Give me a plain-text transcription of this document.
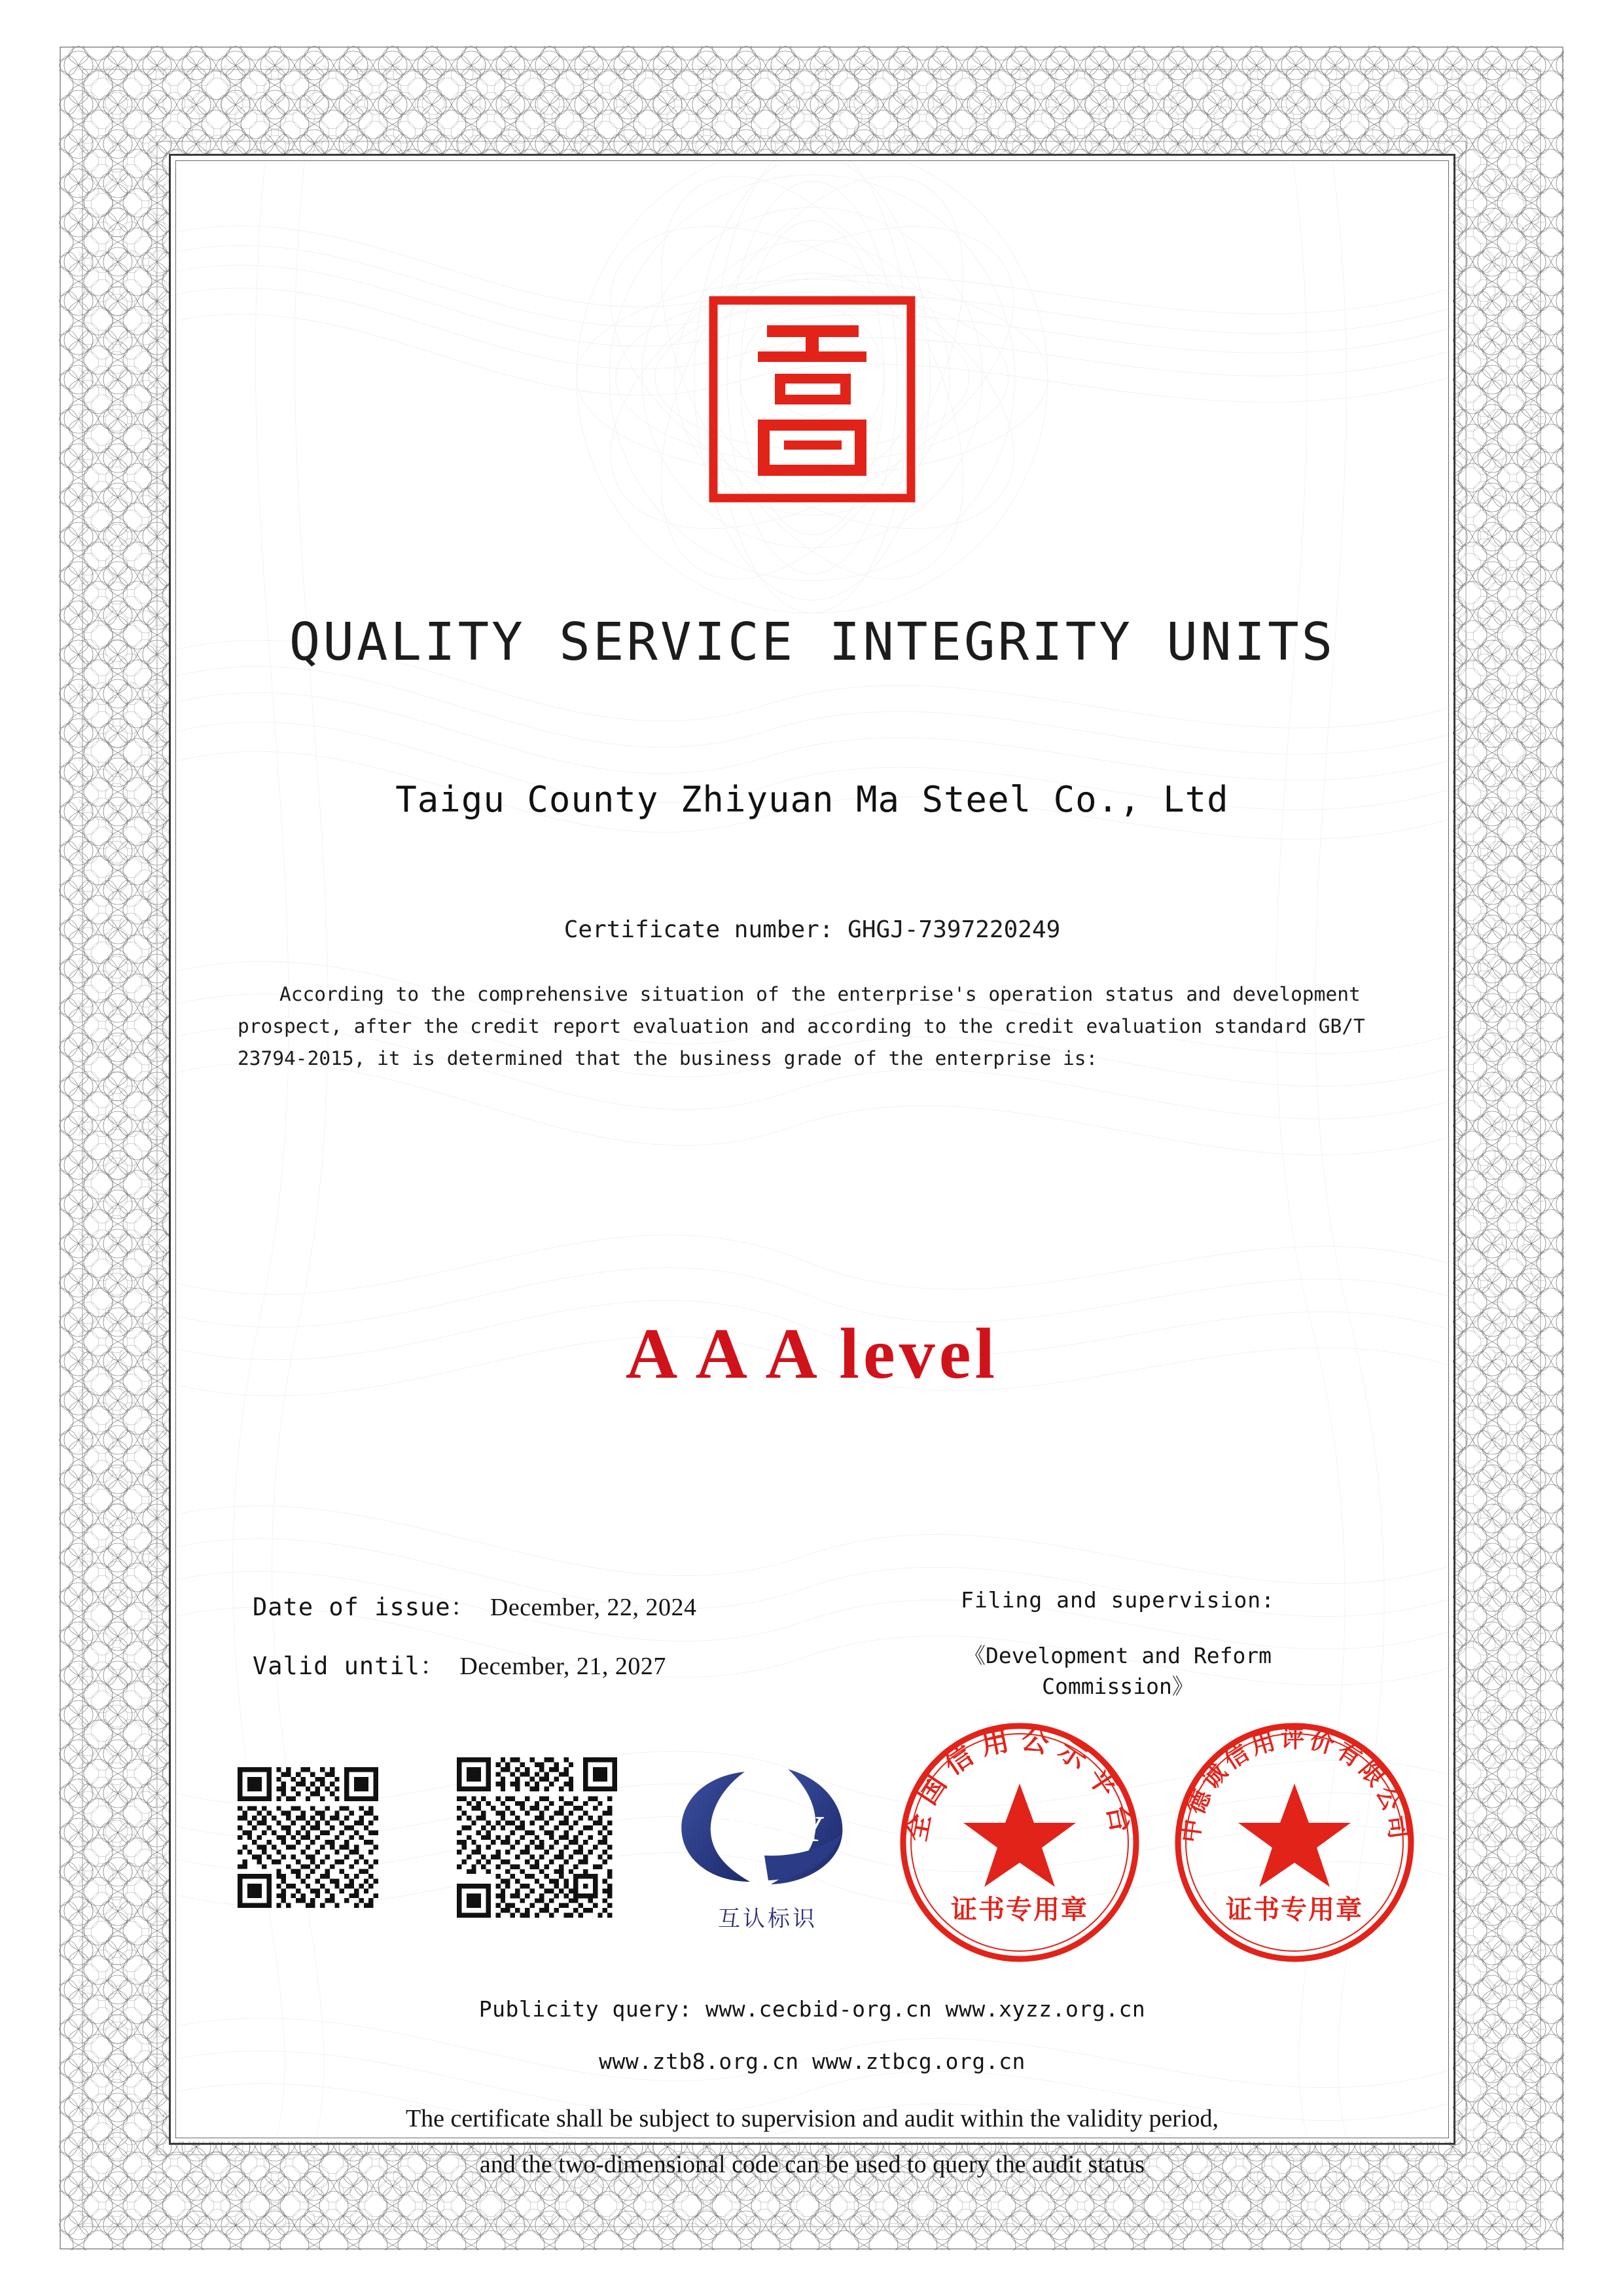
QUALITY SERVICE INTEGRITY UNITS
Taigu County Zhiyuan Ma Steel Co., Ltd
Certificate number: GHGJ-7397220249
According to the comprehensive situation of the enterprise's operation status and development prospect, after the credit report evaluation and according to the credit evaluation standard GB/T 23794-2015, it is determined that the business grade of the enterprise is:
A A A level
Date of issue： December, 22, 2024
Valid until： December, 21, 2027
Filing and supervision:
《Development and Reform Commission》
GHXY
互认标识
全国信用公示平台
证书专用章
中德诚信用评价有限公司
证书专用章
Publicity query: www.cecbid-org.cn www.xyzz.org.cn
www.ztb8.org.cn www.ztbcg.org.cn
The certificate shall be subject to supervision and audit within the validity period,
and the two-dimensional code can be used to query the audit status
